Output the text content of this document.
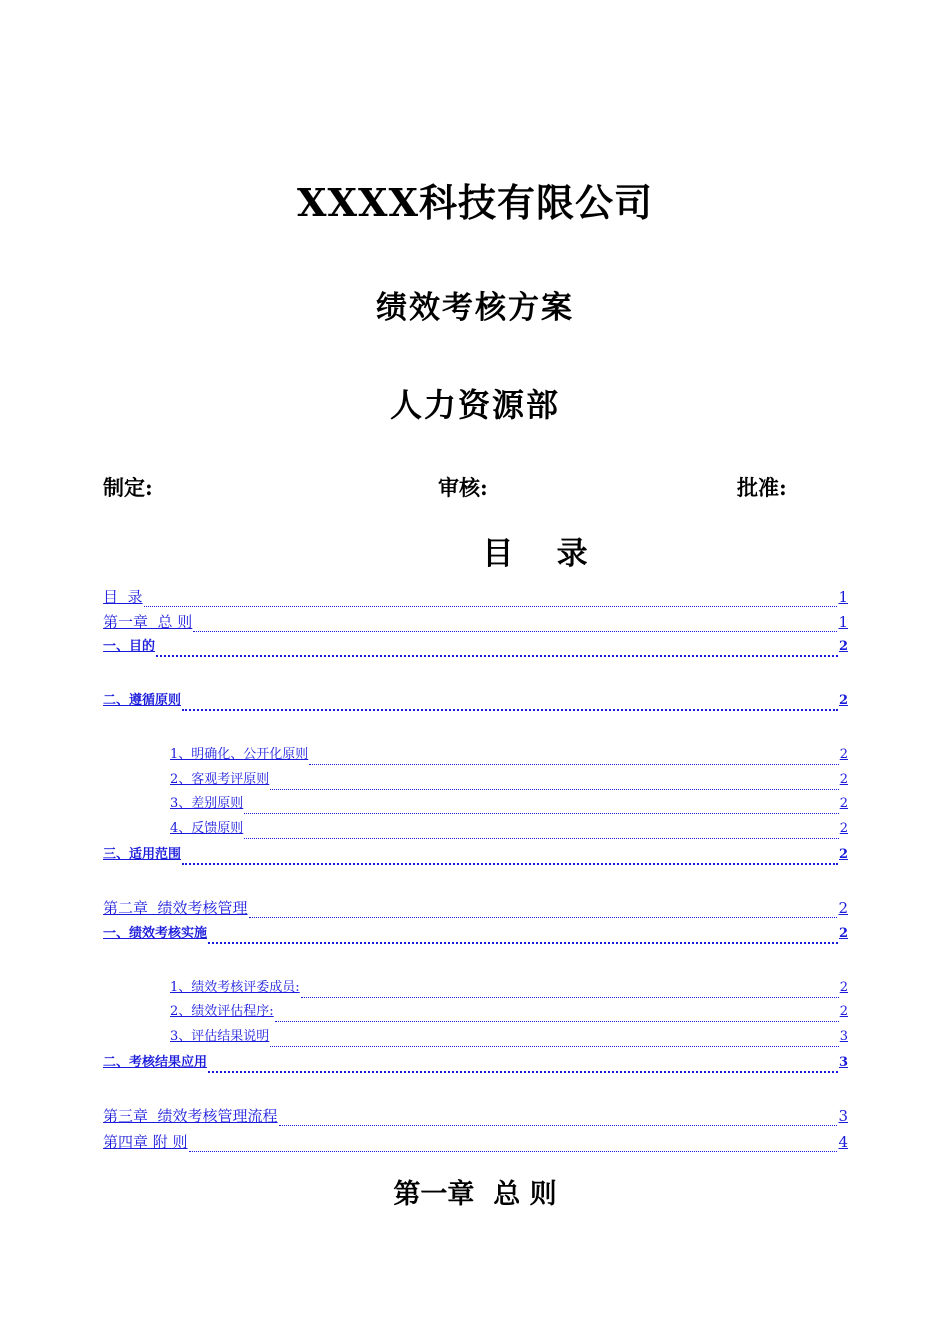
XXXX科技有限公司
绩效考核方案
人力资源部
制定:	审核:	批准:
目    录
目  录	1
第一章  总 则	1
一、目的	2
二、遵循原则	2
1、明确化、公开化原则	2
2、客观考评原则	2
3、差别原则	2
4、反馈原则	2
三、适用范围	2
第二章  绩效考核管理	2
一、绩效考核实施	2
1、绩效考核评委成员:	2
2、绩效评估程序:	2
3、评估结果说明	3
二、考核结果应用	3
第三章  绩效考核管理流程	3
第四章 附 则	4
第一章  总 则
